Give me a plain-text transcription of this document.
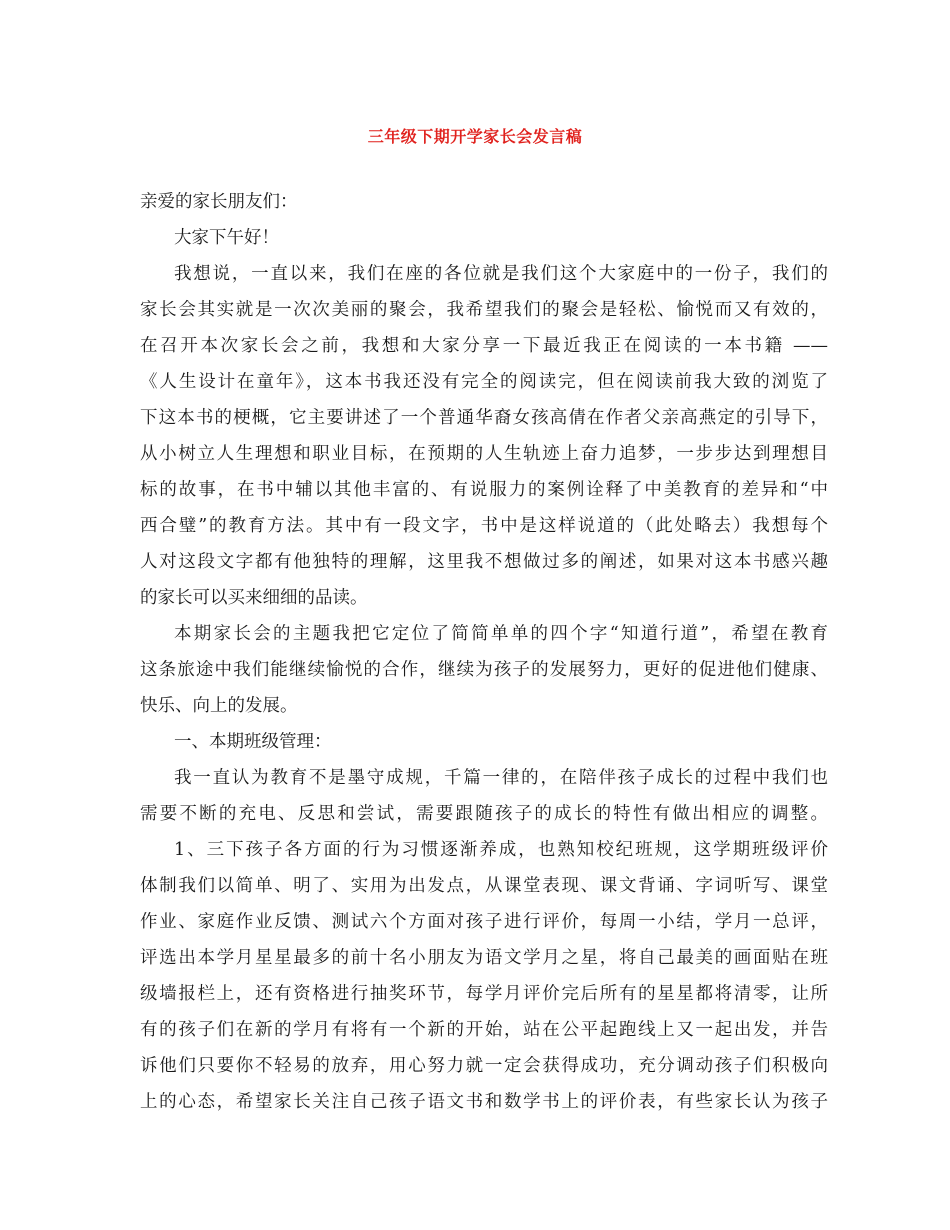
三年级下期开学家长会发言稿
亲爱的家长朋友们：
大家下午好！
我想说，一直以来，我们在座的各位就是我们这个大家庭中的一份子，我们的
家长会其实就是一次次美丽的聚会，我希望我们的聚会是轻松、愉悦而又有效的，
在召开本次家长会之前，我想和大家分享一下最近我正在阅读的一本书籍 ——
《人生设计在童年》，这本书我还没有完全的阅读完，但在阅读前我大致的浏览了
下这本书的梗概，它主要讲述了一个普通华裔女孩高倩在作者父亲高燕定的引导下，
从小树立人生理想和职业目标，在预期的人生轨迹上奋力追梦，一步步达到理想目
标的故事，在书中辅以其他丰富的、有说服力的案例诠释了中美教育的差异和“中
西合璧”的教育方法。其中有一段文字，书中是这样说道的（此处略去）我想每个
人对这段文字都有他独特的理解，这里我不想做过多的阐述，如果对这本书感兴趣
的家长可以买来细细的品读。
本期家长会的主题我把它定位了简简单单的四个字“知道行道”，希望在教育
这条旅途中我们能继续愉悦的合作，继续为孩子的发展努力，更好的促进他们健康、
快乐、向上的发展。
一、本期班级管理：
我一直认为教育不是墨守成规，千篇一律的，在陪伴孩子成长的过程中我们也
需要不断的充电、反思和尝试，需要跟随孩子的成长的特性有做出相应的调整。
1、三下孩子各方面的行为习惯逐渐养成，也熟知校纪班规，这学期班级评价
体制我们以简单、明了、实用为出发点，从课堂表现、课文背诵、字词听写、课堂
作业、家庭作业反馈、测试六个方面对孩子进行评价，每周一小结，学月一总评，
评选出本学月星星最多的前十名小朋友为语文学月之星，将自己最美的画面贴在班
级墙报栏上，还有资格进行抽奖环节，每学月评价完后所有的星星都将清零，让所
有的孩子们在新的学月有将有一个新的开始，站在公平起跑线上又一起出发，并告
诉他们只要你不轻易的放弃，用心努力就一定会获得成功，充分调动孩子们积极向
上的心态，希望家长关注自己孩子语文书和数学书上的评价表，有些家长认为孩子
